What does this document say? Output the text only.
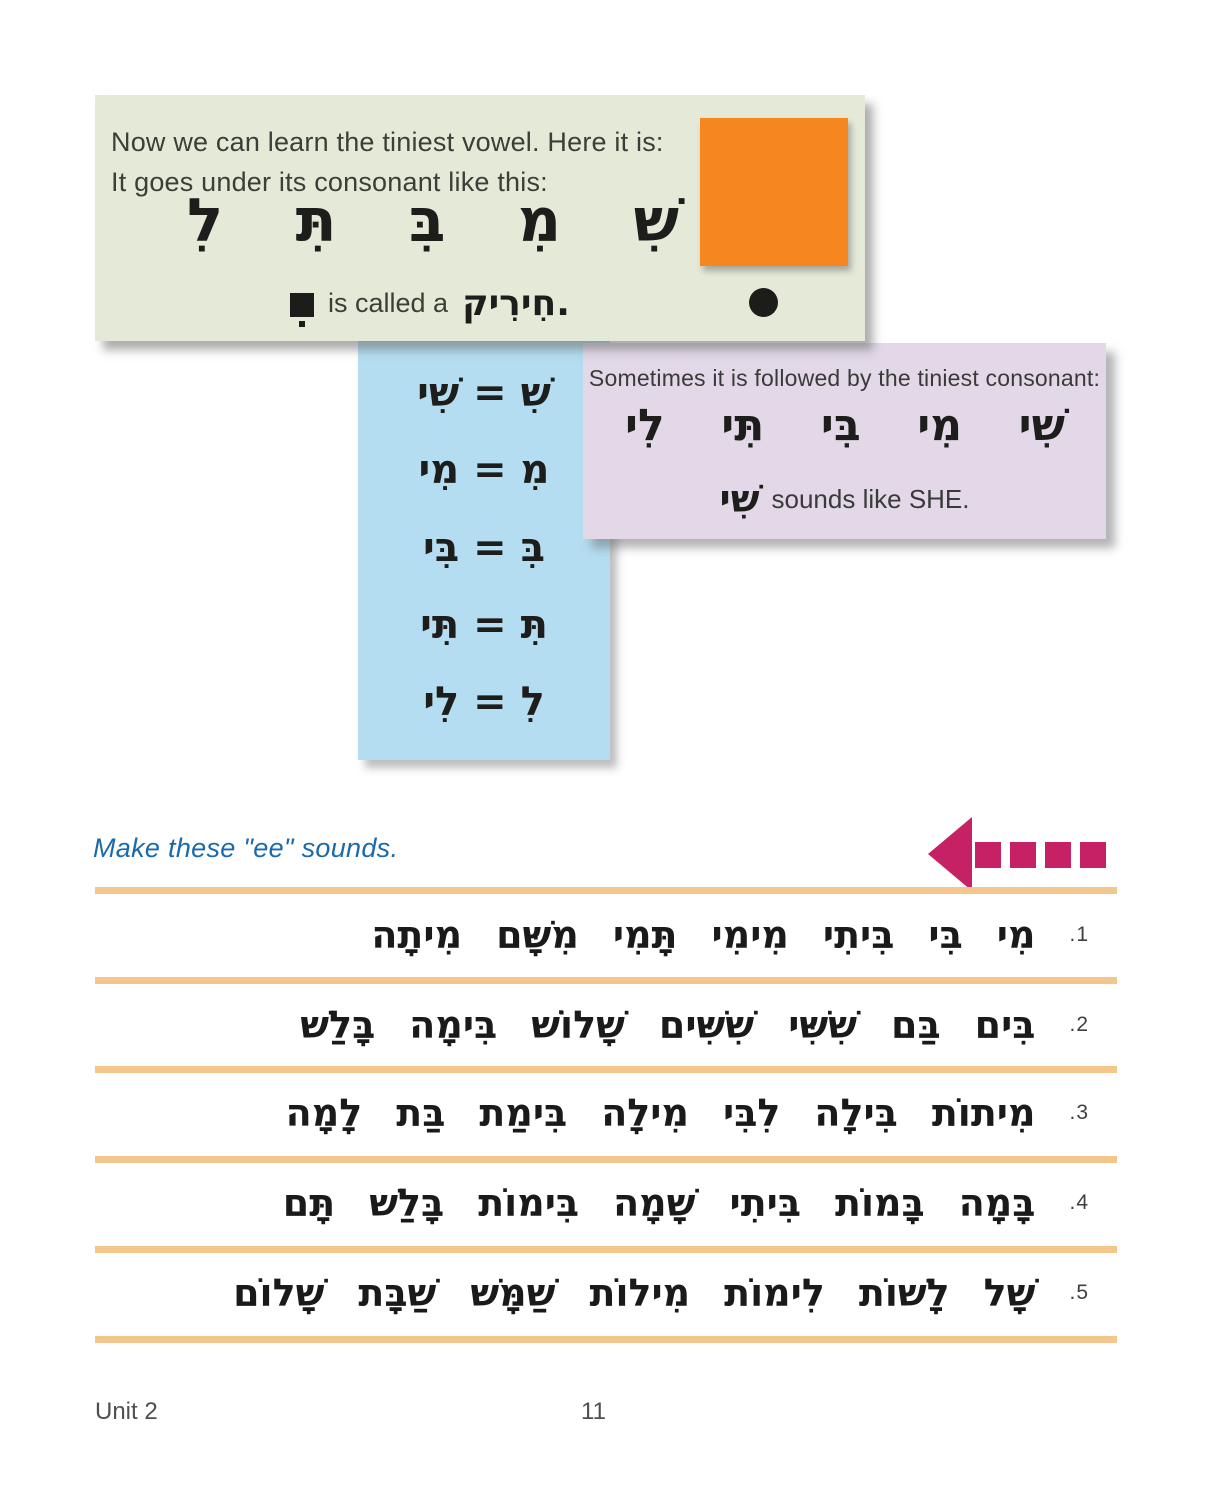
Now we can learn the tiniest vowel. Here it is:
It goes under its consonant like this:
שִׁ
מִ
בִּ
תִּ
לִ
is called a חִירִיק.
שִׁ = שִׁי
מִ = מִי
בִּ = בִּי
תִּ = תִּי
לִ = לִי
Sometimes it is followed by the tiniest consonant:
שִׁי
מִי
בִּי
תִּי
לִי
שִׁי sounds like SHE.
Make these "ee" sounds.
.1
מִי
בִּי
בִּיתִי
מִימִי
תָּמִי
מִשָּׁם
מִיתָה
.2
בִּים
בַּם
שִׁשִּׁי
שִׁשִּׁים
שָׁלוֹשׁ
בִּימָה
בָּלַשׁ
.3
מִיתוֹת
בִּילָה
לִבִּי
מִילָה
בִּימַת
בַּת
לָמָה
.4
בָּמָה
בָּמוֹת
בִּיתִי
שָׁמָה
בִּימוֹת
בָּלַשׁ
תָּם
.5
שָׁל
לָשׁוֹת
לִימוֹת
מִילוֹת
שַׁמָּשׁ
שַׁבָּת
שָׁלוֹם
Unit 2	11
